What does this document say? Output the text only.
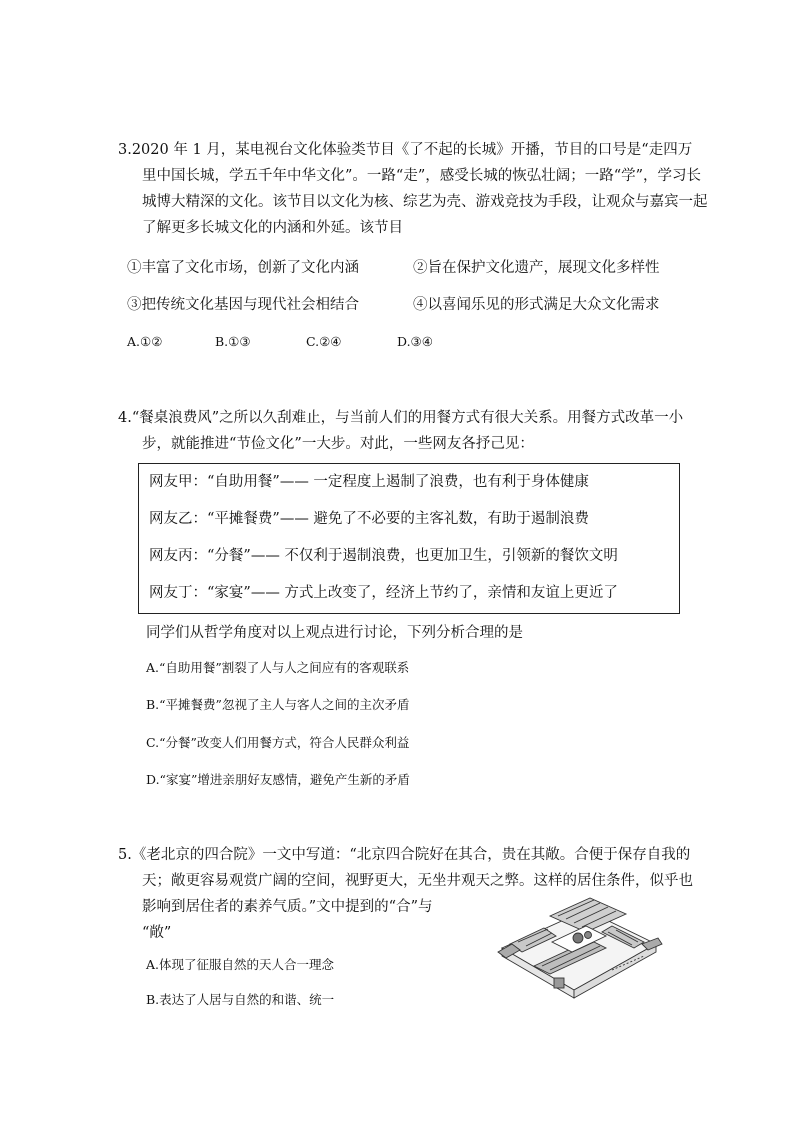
3.2020 年 1 月，某电视台文化体验类节目《了不起的长城》开播，节目的口号是“走四万
里中国长城，学五千年中华文化”。一路“走”，感受长城的恢弘壮阔；一路“学”，学习长
城博大精深的文化。该节目以文化为核、综艺为壳、游戏竞技为手段，让观众与嘉宾一起
了解更多长城文化的内涵和外延。该节目
①丰富了文化市场，创新了文化内涵	②旨在保护文化遗产，展现文化多样性
③把传统文化基因与现代社会相结合	④以喜闻乐见的形式满足大众文化需求
A.①②	B.①③	C.②④	D.③④
4.“餐桌浪费风”之所以久刮难止，与当前人们的用餐方式有很大关系。用餐方式改革一小
步，就能推进“节俭文化”一大步。对此，一些网友各抒己见：
网友甲：“自助用餐”—— 一定程度上遏制了浪费，也有利于身体健康
网友乙：“平摊餐费”—— 避免了不必要的主客礼数，有助于遏制浪费
网友丙：“分餐”—— 不仅利于遏制浪费，也更加卫生，引领新的餐饮文明
网友丁：“家宴”—— 方式上改变了，经济上节约了，亲情和友谊上更近了
同学们从哲学角度对以上观点进行讨论，下列分析合理的是
A.“自助用餐”割裂了人与人之间应有的客观联系
B.“平摊餐费”忽视了主人与客人之间的主次矛盾
C.“分餐”改变人们用餐方式，符合人民群众利益
D.“家宴”增进亲朋好友感情，避免产生新的矛盾
5.《老北京的四合院》一文中写道：“北京四合院好在其合，贵在其敞。合便于保存自我的
天；敞更容易观赏广阔的空间，视野更大，无坐井观天之弊。这样的居住条件，似乎也
影响到居住者的素养气质。”文中提到的“合”与
“敞”
A.体现了征服自然的天人合一理念
B.表达了人居与自然的和谐、统一
